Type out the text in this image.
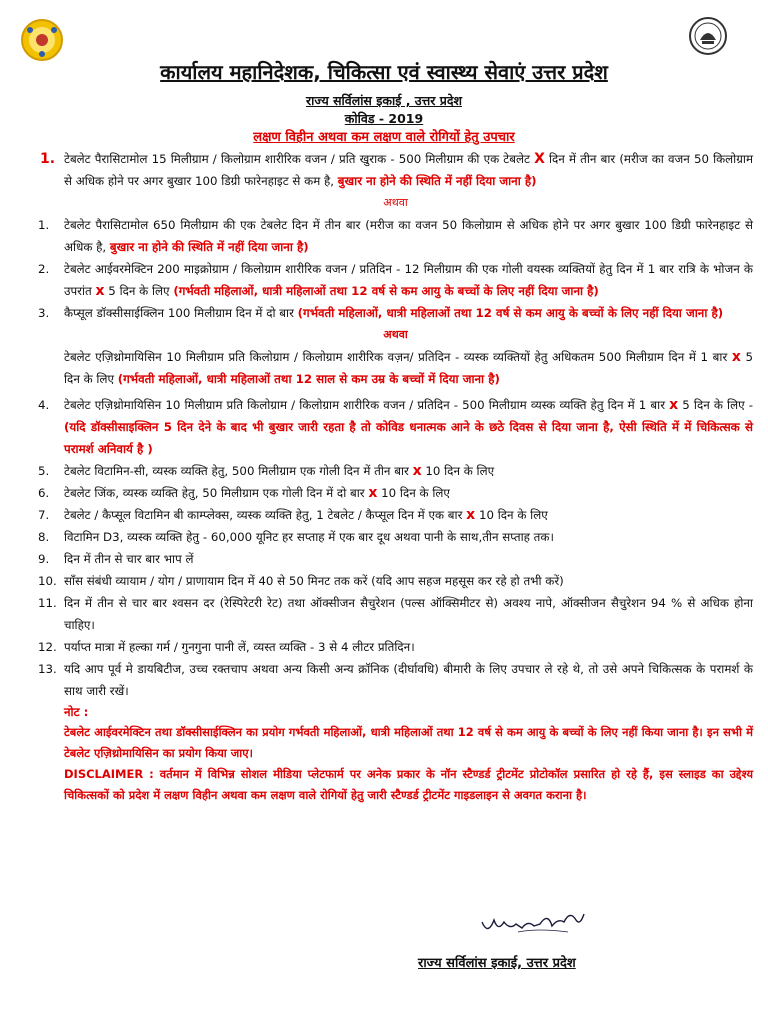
कार्यालय महानिदेशक, चिकित्सा एवं स्वास्थ्य सेवाएं उत्तर प्रदेश
राज्य सर्विलांस इकाई , उत्तर प्रदेश
कोविड - 2019
लक्षण विहीन अथवा कम लक्षण वाले रोगियों हेतु उपचार
1. टेबलेट पैरासिटामोल 15 मिलीग्राम / किलोग्राम शारीरिक वजन / प्रति खुराक - 500 मिलीग्राम की एक टेबलेट X दिन में तीन बार (मरीज का वजन 50 किलोग्राम से अधिक होने पर अगर बुखार 100 डिग्री फारेनहाइट से कम है, बुखार ना होने की स्थिति में नहीं दिया जाना है)
अथवा
1. टेबलेट पैरासिटामोल 650 मिलीग्राम की एक टेबलेट दिन में तीन बार (मरीज का वजन 50 किलोग्राम से अधिक होने पर अगर बुखार 100 डिग्री फारेनहाइट से अधिक है, बुखार ना होने की स्थिति में नहीं दिया जाना है)
2. टेबलेट आईवरमेक्टिन 200 माइक्रोग्राम / किलोग्राम शारीरिक वजन / प्रतिदिन - 12 मिलीग्राम की एक गोली वयस्क व्यक्तियों हेतु दिन में 1 बार रात्रि के भोजन के उपरांत x 5 दिन के लिए (गर्भवती महिलाओं, धात्री महिलाओं तथा 12 वर्ष से कम आयु के बच्चों के लिए नहीं दिया जाना है)
3. कैप्सूल डॉक्सीसाईक्लिन 100 मिलीग्राम दिन में दो बार (गर्भवती महिलाओं, धात्री महिलाओं तथा 12 वर्ष से कम आयु के बच्चों के लिए नहीं दिया जाना है)
अथवा
टेबलेट एज़िथ्रोमायिसिन 10 मिलीग्राम प्रति किलोग्राम / किलोग्राम शारीरिक वज़न/ प्रतिदिन - व्यस्क व्यक्तियों हेतु अधिकतम 500 मिलीग्राम दिन में 1 बार x 5 दिन के लिए (गर्भवती महिलाओं, धात्री महिलाओं तथा 12 साल से कम उम्र के बच्चों में दिया जाना है)
4. टेबलेट एज़िथ्रोमायिसिन 10 मिलीग्राम प्रति किलोग्राम / किलोग्राम शारीरिक वजन / प्रतिदिन - 500 मिलीग्राम व्यस्क व्यक्ति हेतु दिन में 1 बार x 5 दिन के लिए - (यदि डॉक्सीसाइक्लिन 5 दिन देने के बाद भी बुखार जारी रहता है तो कोविड धनात्मक आने के छठे दिवस से दिया जाना है, ऐसी स्थिति में में चिकित्सक से परामर्श अनिवार्य है )
5. टेबलेट विटामिन-सी, व्यस्क व्यक्ति हेतु, 500 मिलीग्राम एक गोली दिन में तीन बार x 10 दिन के लिए
6. टेबलेट जिंक, व्यस्क व्यक्ति हेतु, 50 मिलीग्राम एक गोली दिन में दो बार x 10 दिन के लिए
7. टेबलेट / कैप्सूल विटामिन बी काम्प्लेक्स, व्यस्क व्यक्ति हेतु, 1 टेबलेट / कैप्सूल दिन में एक बार x 10 दिन के लिए
8. विटामिन D3, व्यस्क व्यक्ति हेतु - 60,000 यूनिट हर सप्ताह में एक बार दूध अथवा पानी के साथ,तीन सप्ताह तक।
9. दिन में तीन से चार बार भाप लें
10. साँस संबंधी व्यायाम / योग / प्राणायाम दिन में 40 से 50 मिनट तक करें (यदि आप सहज महसूस कर रहे हो तभी करें)
11. दिन में तीन से चार बार श्वसन दर (रेस्पिरेटरी रेट) तथा ऑक्सीजन सैचुरेशन (पल्स ऑक्सिमीटर से) अवश्य नापे, ऑक्सीजन सैचुरेशन 94 % से अधिक होना चाहिए।
12. पर्याप्त मात्रा में हल्का गर्म / गुनगुना पानी लें, व्यस्त व्यक्ति - 3 से 4 लीटर प्रतिदिन।
13. यदि आप पूर्व मे डायबिटीज, उच्च रक्तचाप अथवा अन्य किसी अन्य क्रॉनिक (दीर्घावधि) बीमारी के लिए उपचार ले रहे थे, तो उसे अपने चिकित्सक के परामर्श के साथ जारी रखें।
नोट :
टेबलेट आईवरमेक्टिन तथा डॉक्सीसाईक्लिन का प्रयोग गर्भवती महिलाओं, धात्री महिलाओं तथा 12 वर्ष से कम आयु के बच्चों के लिए नहीं किया जाना है। इन सभी में टेबलेट एज़िथ्रोमायिसिन का प्रयोग किया जाए।
DISCLAIMER : वर्तमान में विभिन्न सोशल मीडिया प्लेटफार्म पर अनेक प्रकार के नॉन स्टैण्डर्ड ट्रीटमेंट प्रोटोकॉल प्रसारित हो रहे हैं, इस स्लाइड का उद्देश्य चिकित्सकों को प्रदेश में लक्षण विहीन अथवा कम लक्षण वाले रोगियों हेतु जारी स्टैण्डर्ड ट्रीटमेंट गाइडलाइन से अवगत कराना है।
राज्य सर्विलांस इकाई, उत्तर प्रदेश
